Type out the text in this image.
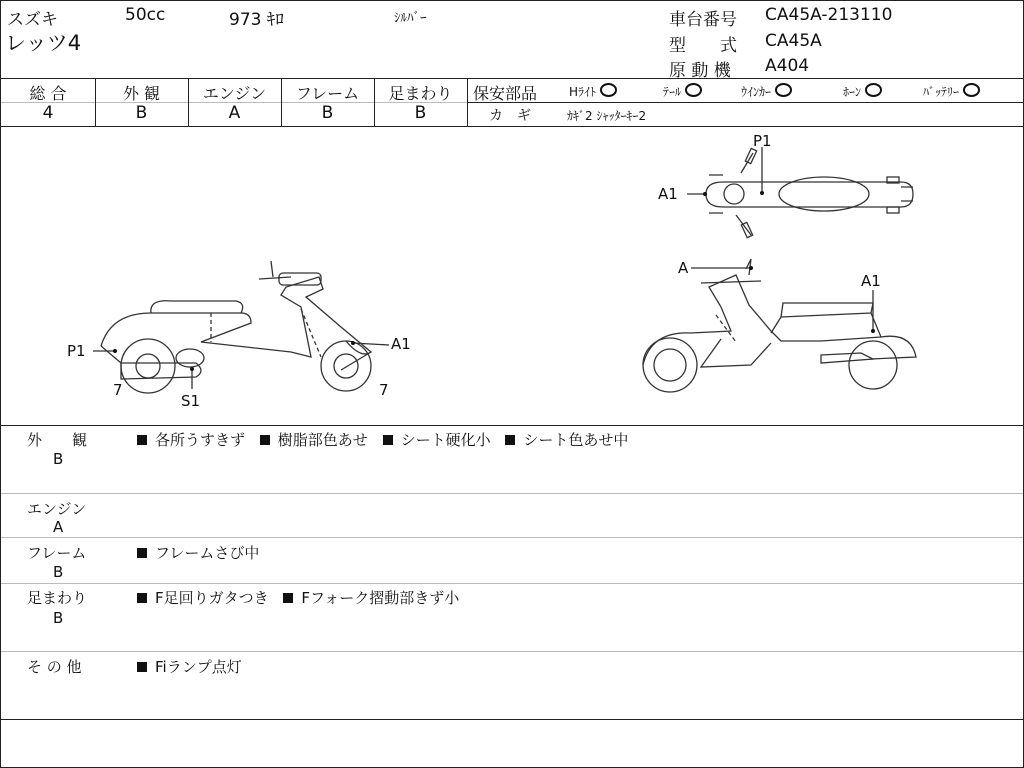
スズキ
レッツ4
50cc	973 ｷﾛ	ｼﾙﾊﾞｰ	車台番号 CA45A-213110
型　　式 CA45A
原 動 機 A404
総 合
4
外 観
B
エンジン
A
フレーム
B
足まわり
B
保安部品	Hﾗｲﾄ	ﾃｰﾙ	ｳｲﾝｶｰ	ﾎｰﾝ	ﾊﾞｯﾃﾘｰ
カ　ギ	ｶｷﾞ2 ｼｬｯﾀｰｷｰ2
P1
A1
A
A1
P1	A1
7	7
S1
外　　観
B
各所うすきず 樹脂部色あせ シート硬化小 シート色あせ中
エンジン
A
フレーム
B
フレームさび中
足まわり
B
F足回りガタつき Fフォーク摺動部きず小
そ の 他	Fiランプ点灯
